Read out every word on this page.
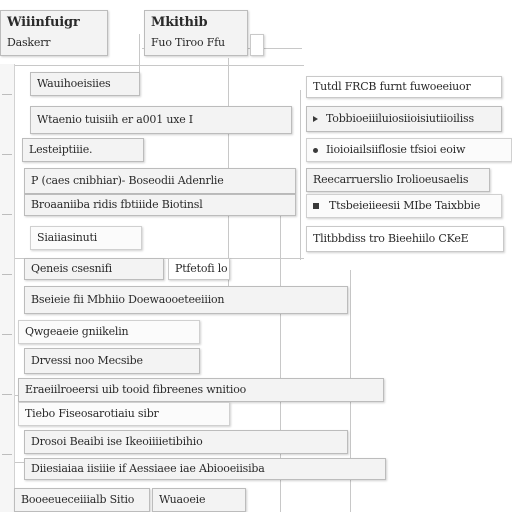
Wiiinfuigr
Daskerr
Mkithib
Fuo Tiroo Ffu
Wauihoeisiies
Wtaenio tuisiih er a001 uxe I
Lesteiptiiie.
P (caes cnibhiar)- Boseodii Adenrlie
Broaaniiba ridis fbtiiide Biotinsl
Siaiiasinuti
Qeneis csesnifi	Ptfetofi lo
Bseieie fii Mbhiio Doewaooeteeiiion
Qwgeaeie gniikelin
Drvessi noo Mecsibe
Eraeiilroeersi uib tooid fibreenes wnitioo
Tiebo Fiseosarotiaiu sibr
Drosoi Beaibi ise Ikeoiiiietibihio
Diiesiaiaa iisiiie if Aessiaee iae Abiooeiisiba
Booeeueceiiialb Sitio Wuaoeie
Tutdl FRCB furnt fuwoeeiuor
Tobbioeiiiluiosiioisiutiioiliss
Iioioiailsiiflosie tfsioi eoiw
Reecarruerslio Irolioeusaelis
Ttsbeieiieesii MIbe Taixbbie
Tlitbbdiss tro Bieehiilo CKeE
